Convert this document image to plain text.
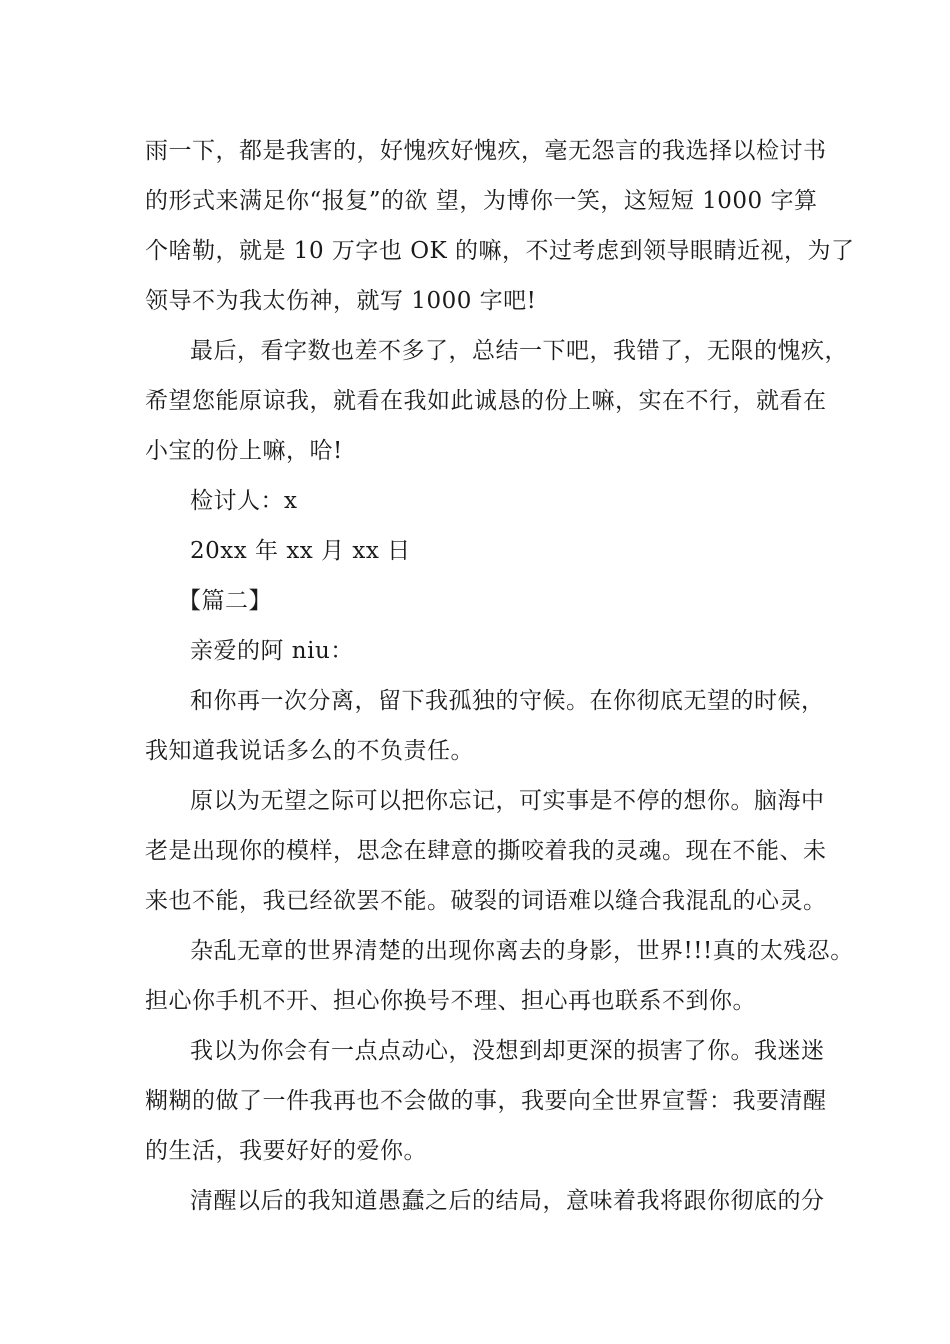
雨一下，都是我害的，好愧疚好愧疚，毫无怨言的我选择以检讨书
的形式来满足你“报复”的欲 望，为博你一笑，这短短 1000 字算
个啥勒，就是 10 万字也 OK 的嘛，不过考虑到领导眼睛近视，为了
领导不为我太伤神，就写 1000 字吧!
最后，看字数也差不多了，总结一下吧，我错了，无限的愧疚，
希望您能原谅我，就看在我如此诚恳的份上嘛，实在不行，就看在
小宝的份上嘛，哈!
检讨人：x
20xx 年 xx 月 xx 日
【篇二】
亲爱的阿 niu：
和你再一次分离，留下我孤独的守候。在你彻底无望的时候，
我知道我说话多么的不负责任。
原以为无望之际可以把你忘记，可实事是不停的想你。脑海中
老是出现你的模样，思念在肆意的撕咬着我的灵魂。现在不能、未
来也不能，我已经欲罢不能。破裂的词语难以缝合我混乱的心灵。
杂乱无章的世界清楚的出现你离去的身影，世界!!!真的太残忍。
担心你手机不开、担心你换号不理、担心再也联系不到你。
我以为你会有一点点动心，没想到却更深的损害了你。我迷迷
糊糊的做了一件我再也不会做的事，我要向全世界宣誓：我要清醒
的生活，我要好好的爱你。
清醒以后的我知道愚蠢之后的结局，意味着我将跟你彻底的分
